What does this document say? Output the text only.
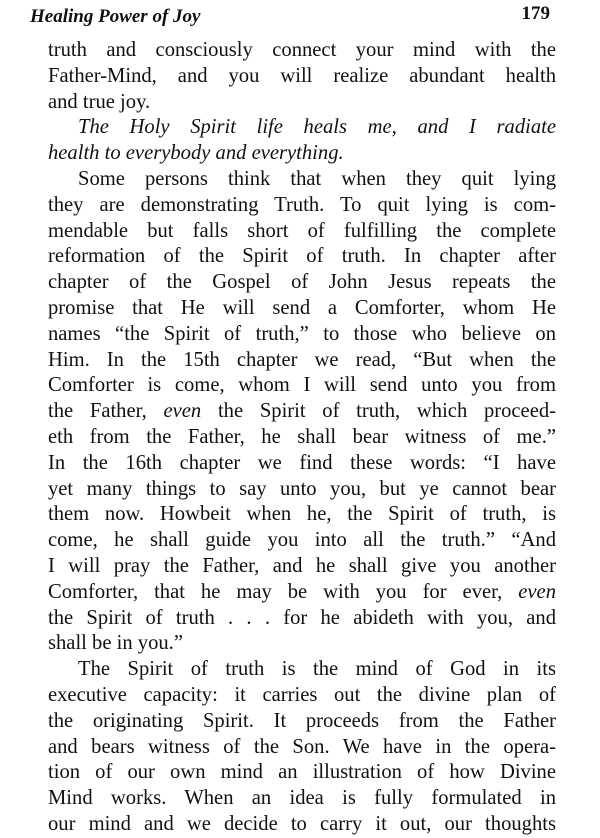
Healing Power of Joy	179
truth and consciously connect your mind with the
Father-Mind, and you will realize abundant health
and true joy.
The Holy Spirit life heals me, and I radiate
health to everybody and everything.
Some persons think that when they quit lying
they are demonstrating Truth. To quit lying is com-
mendable but falls short of fulfilling the complete
reformation of the Spirit of truth. In chapter after
chapter of the Gospel of John Jesus repeats the
promise that He will send a Comforter, whom He
names “the Spirit of truth,” to those who believe on
Him. In the 15th chapter we read, “But when the
Comforter is come, whom I will send unto you from
the Father, even the Spirit of truth, which proceed-
eth from the Father, he shall bear witness of me.”
In the 16th chapter we find these words: “I have
yet many things to say unto you, but ye cannot bear
them now. Howbeit when he, the Spirit of truth, is
come, he shall guide you into all the truth.” “And
I will pray the Father, and he shall give you another
Comforter, that he may be with you for ever, even
the Spirit of truth . . . for he abideth with you, and
shall be in you.”
The Spirit of truth is the mind of God in its
executive capacity: it carries out the divine plan of
the originating Spirit. It proceeds from the Father
and bears witness of the Son. We have in the opera-
tion of our own mind an illustration of how Divine
Mind works. When an idea is fully formulated in
our mind and we decide to carry it out, our thoughts
